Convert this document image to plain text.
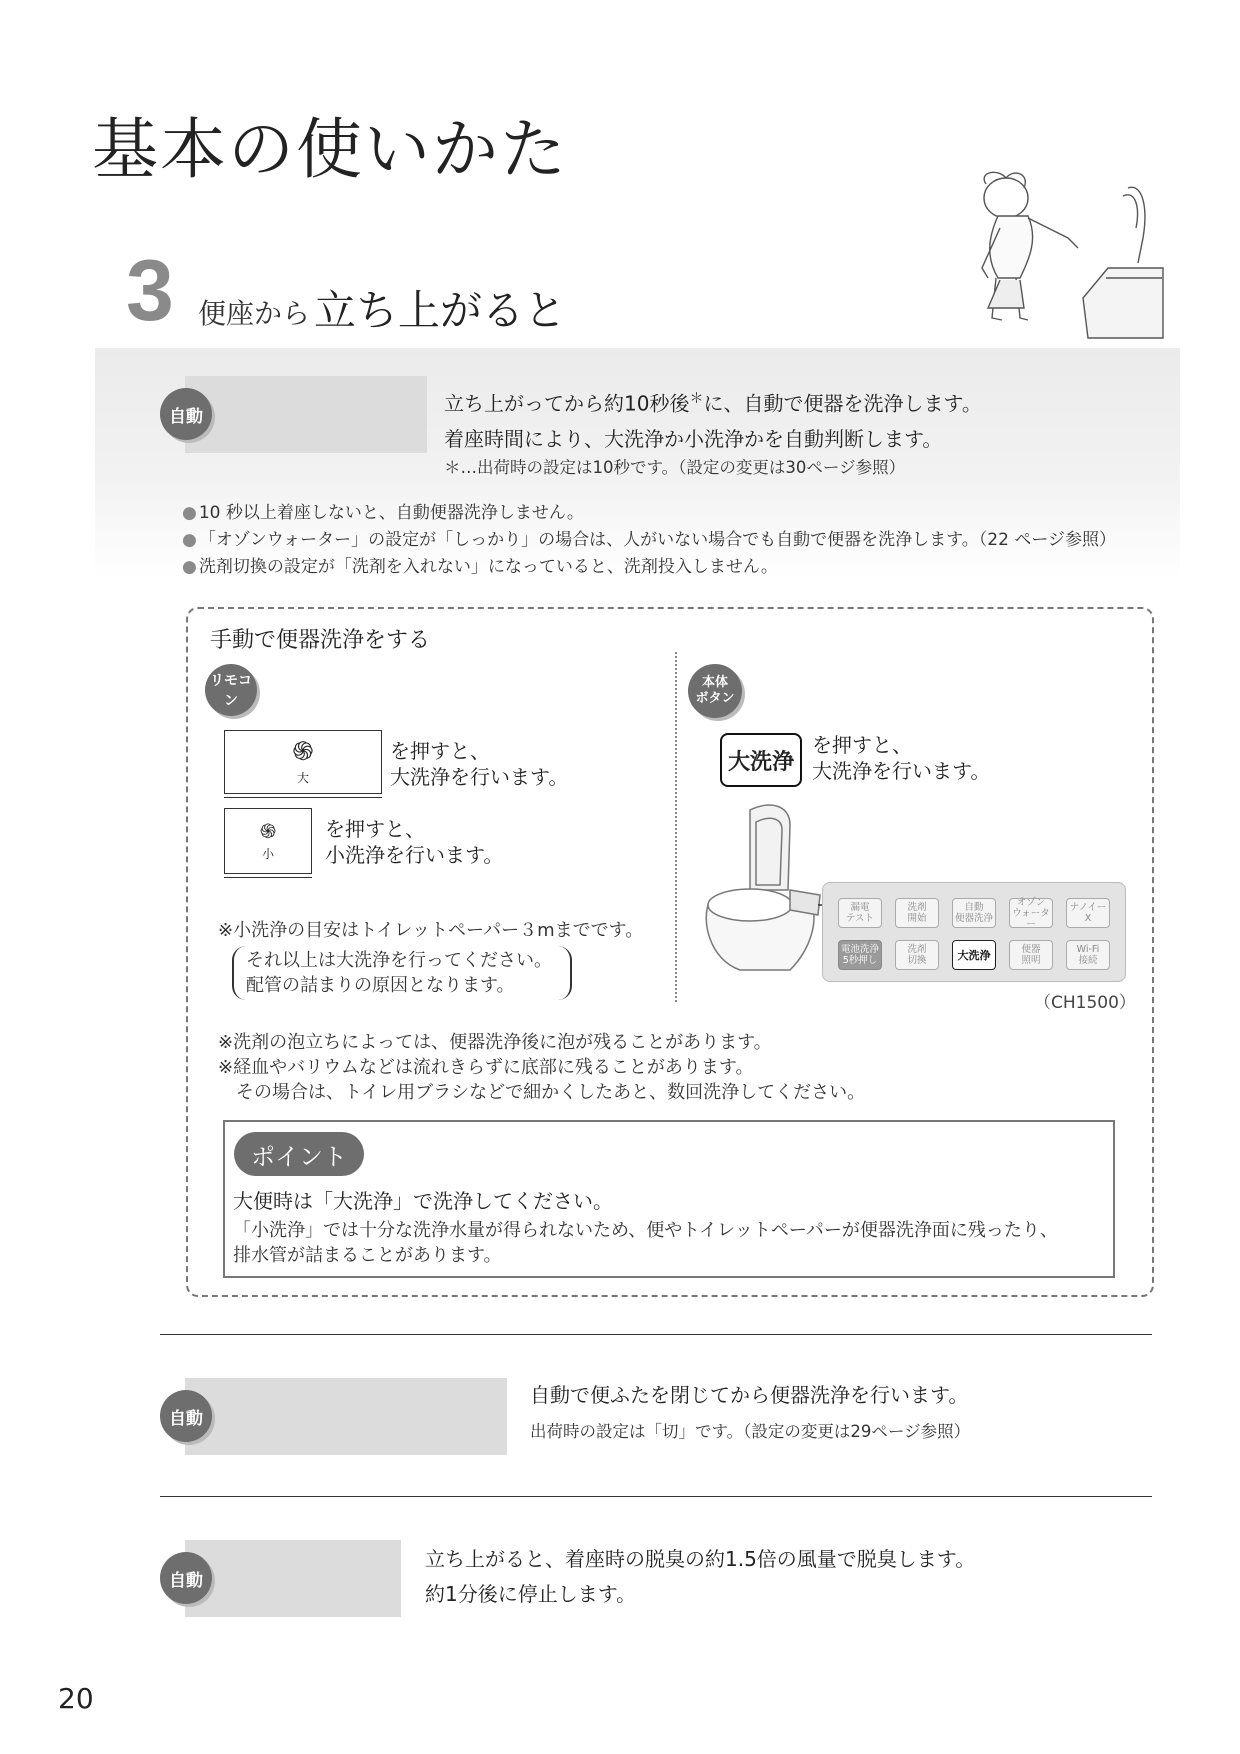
基本の使いかた
3 便座から 立ち上がると
自動
立ち上がってから約10秒後＊に、自動で便器を洗浄します。
着座時間により、大洗浄か小洗浄かを自動判断します。
＊…出荷時の設定は10秒です。（設定の変更は30ページ参照）
● 10 秒以上着座しないと、自動便器洗浄しません。
● 「オゾンウォーター」の設定が「しっかり」の場合は、人がいない場合でも自動で便器を洗浄します。（22 ページ参照）
● 洗剤切換の設定が「洗剤を入れない」になっていると、洗剤投入しません。
手動で便器洗浄をする
リモコン
本体
ボタン
֍
大
を押すと、
大洗浄を行います。
֍
小
を押すと、
小洗浄を行います。
※小洗浄の目安はトイレットペーパー３mまでです。
それ以上は大洗浄を行ってください。
配管の詰まりの原因となります。
大洗浄
を押すと、
大洗浄を行います。
漏電
テスト
洗剤
開始
自動
便器洗浄
オゾン
ウォーター
ナノイーX
電池洗浄
5秒押し
洗剤
切換	大洗浄	便器
照明
Wi-Fi
接続
（CH1500）
※洗剤の泡立ちによっては、便器洗浄後に泡が残ることがあります。
※経血やバリウムなどは流れきらずに底部に残ることがあります。
　その場合は、トイレ用ブラシなどで細かくしたあと、数回洗浄してください。
ポイント
大便時は「大洗浄」で洗浄してください。
「小洗浄」では十分な洗浄水量が得られないため、便やトイレットペーパーが便器洗浄面に残ったり、
排水管が詰まることがあります。
自動
自動で便ふたを閉じてから便器洗浄を行います。
出荷時の設定は「切」です。（設定の変更は29ページ参照）
自動
立ち上がると、着座時の脱臭の約1.5倍の風量で脱臭します。
約1分後に停止します。
20
